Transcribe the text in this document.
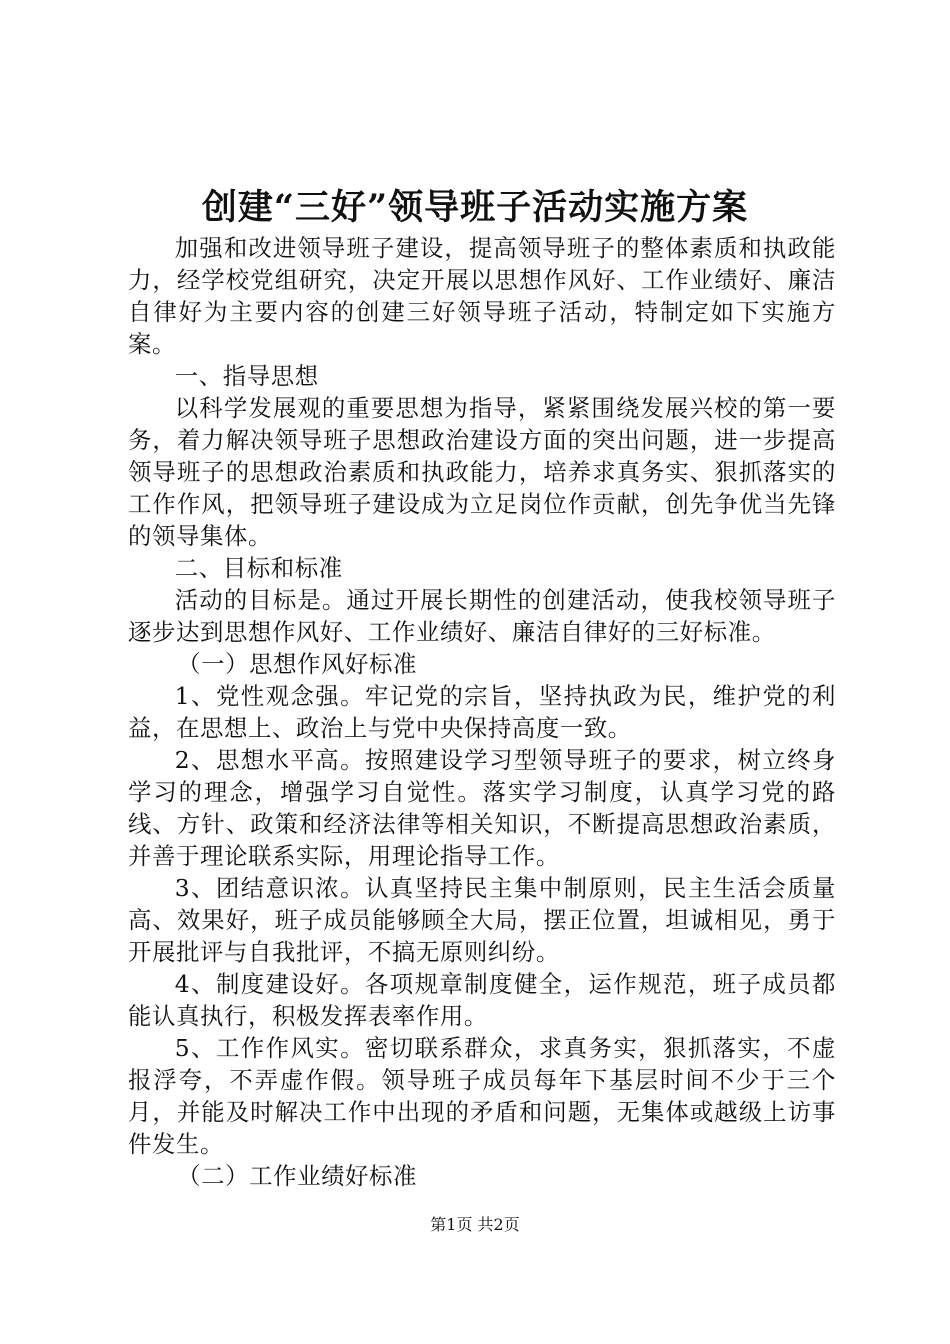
创建“三好”领导班子活动实施方案

加强和改进领导班子建设，提高领导班子的整体素质和执政能力，经学校党组研究，决定开展以思想作风好、工作业绩好、廉洁自律好为主要内容的创建三好领导班子活动，特制定如下实施方案。

一、指导思想

以科学发展观的重要思想为指导，紧紧围绕发展兴校的第一要务，着力解决领导班子思想政治建设方面的突出问题，进一步提高领导班子的思想政治素质和执政能力，培养求真务实、狠抓落实的工作作风，把领导班子建设成为立足岗位作贡献，创先争优当先锋的领导集体。

二、目标和标准

活动的目标是。通过开展长期性的创建活动，使我校领导班子逐步达到思想作风好、工作业绩好、廉洁自律好的三好标准。

（一）思想作风好标准

1、党性观念强。牢记党的宗旨，坚持执政为民，维护党的利益，在思想上、政治上与党中央保持高度一致。

2、思想水平高。按照建设学习型领导班子的要求，树立终身学习的理念，增强学习自觉性。落实学习制度，认真学习党的路线、方针、政策和经济法律等相关知识，不断提高思想政治素质，并善于理论联系实际，用理论指导工作。

3、团结意识浓。认真坚持民主集中制原则，民主生活会质量高、效果好，班子成员能够顾全大局，摆正位置，坦诚相见，勇于开展批评与自我批评，不搞无原则纠纷。

4、制度建设好。各项规章制度健全，运作规范，班子成员都能认真执行，积极发挥表率作用。

5、工作作风实。密切联系群众，求真务实，狠抓落实，不虚报浮夸，不弄虚作假。领导班子成员每年下基层时间不少于三个月，并能及时解决工作中出现的矛盾和问题，无集体或越级上访事件发生。

（二）工作业绩好标准

第1页 共2页
